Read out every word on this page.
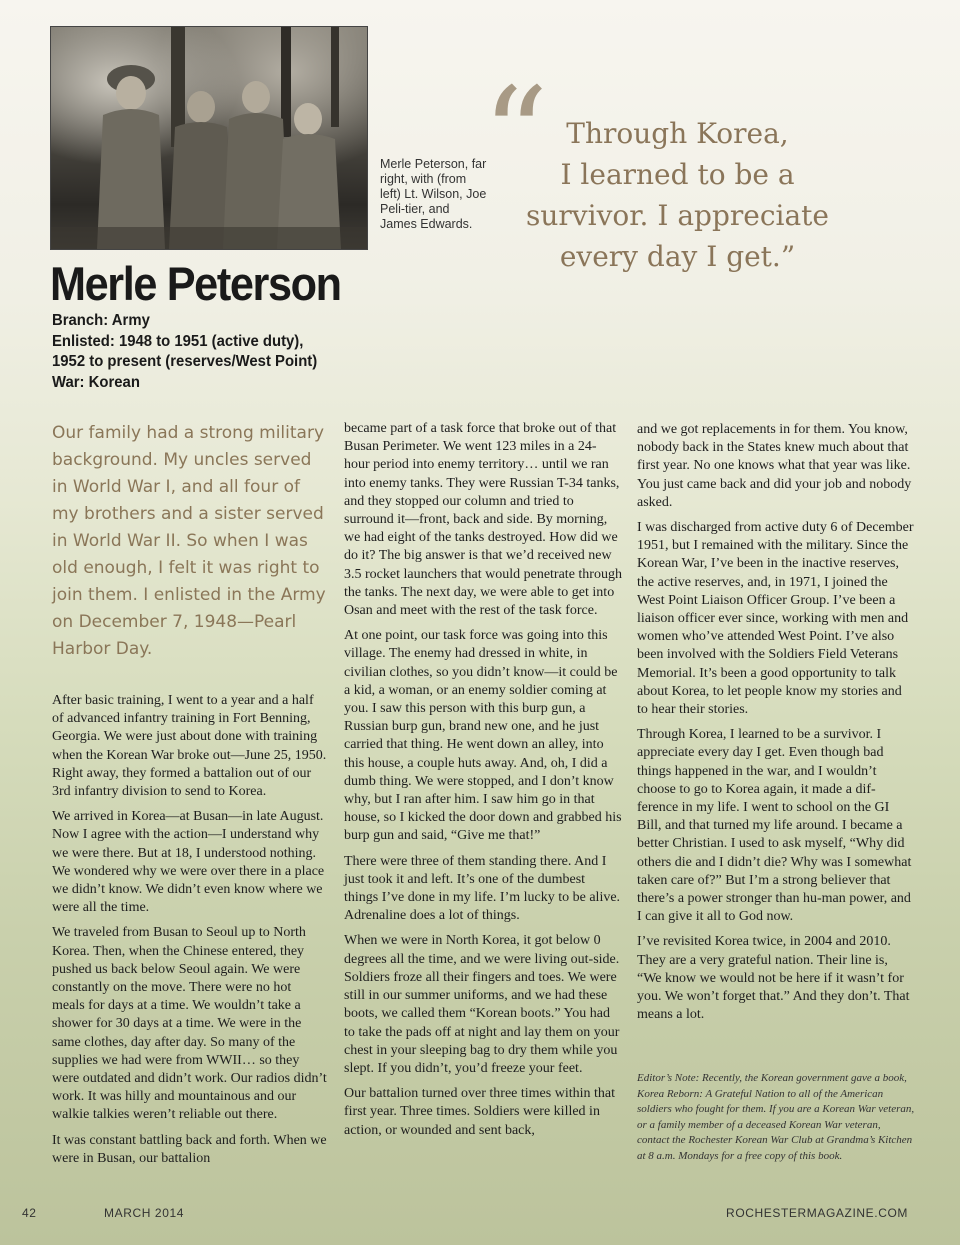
Merle Peterson, far right, with (from left) Lt. Wilson, Joe Peli-tier, and James Edwards.
“ Through Korea,
I learned to be a
survivor. I appreciate
every day I get.”
Merle Peterson
Branch: Army
Enlisted: 1948 to 1951 (active duty),
1952 to present (reserves/West Point)
War: Korean
Our family had a strong military background. My uncles served in World War I, and all four of my brothers and a sister served in World War II. So when I was old enough, I felt it was right to join them. I enlisted in the Army on December 7, 1948—Pearl Harbor Day.

After basic training, I went to a year and a half of advanced infantry training in Fort Benning, Georgia. We were just about done with training when the Korean War broke out—June 25, 1950. Right away, they formed a battalion out of our 3rd infantry division to send to Korea.

We arrived in Korea—at Busan—in late August. Now I agree with the action—I understand why we were there. But at 18, I understood nothing. We wondered why we were over there in a place we didn’t know. We didn’t even know where we were all the time.

We traveled from Busan to Seoul up to North Korea. Then, when the Chinese entered, they pushed us back below Seoul again. We were constantly on the move. There were no hot meals for days at a time. We wouldn’t take a shower for 30 days at a time. We were in the same clothes, day after day. So many of the supplies we had were from WWII… so they were outdated and didn’t work. Our radios didn’t work. It was hilly and mountainous and our walkie talkies weren’t reliable out there.

It was constant battling back and forth. When we were in Busan, our battalion

became part of a task force that broke out of that Busan Perimeter. We went 123 miles in a 24-hour period into enemy territory… until we ran into enemy tanks. They were Russian T-34 tanks, and they stopped our column and tried to surround it—front, back and side. By morning, we had eight of the tanks destroyed. How did we do it? The big answer is that we’d received new 3.5 rocket launchers that would penetrate through the tanks. The next day, we were able to get into Osan and meet with the rest of the task force.

At one point, our task force was going into this village. The enemy had dressed in white, in civilian clothes, so you didn’t know—it could be a kid, a woman, or an enemy soldier coming at you. I saw this person with this burp gun, a Russian burp gun, brand new one, and he just carried that thing. He went down an alley, into this house, a couple huts away. And, oh, I did a dumb thing. We were stopped, and I don’t know why, but I ran after him. I saw him go in that house, so I kicked the door down and grabbed his burp gun and said, “Give me that!”

There were three of them standing there. And I just took it and left. It’s one of the dumbest things I’ve done in my life. I’m lucky to be alive. Adrenaline does a lot of things.

When we were in North Korea, it got below 0 degrees all the time, and we were living out-side. Soldiers froze all their fingers and toes. We were still in our summer uniforms, and we had these boots, we called them “Korean boots.” You had to take the pads off at night and lay them on your chest in your sleeping bag to dry them while you slept. If you didn’t, you’d freeze your feet.

Our battalion turned over three times within that first year. Three times. Soldiers were killed in action, or wounded and sent back,

and we got replacements in for them. You know, nobody back in the States knew much about that first year. No one knows what that year was like. You just came back and did your job and nobody asked.

I was discharged from active duty 6 of December 1951, but I remained with the military. Since the Korean War, I’ve been in the inactive reserves, the active reserves, and, in 1971, I joined the West Point Liaison Officer Group. I’ve been a liaison officer ever since, working with men and women who’ve attended West Point. I’ve also been involved with the Soldiers Field Veterans Memorial. It’s been a good opportunity to talk about Korea, to let people know my stories and to hear their stories.

Through Korea, I learned to be a survivor. I appreciate every day I get. Even though bad things happened in the war, and I wouldn’t choose to go to Korea again, it made a dif-ference in my life. I went to school on the GI Bill, and that turned my life around. I became a better Christian. I used to ask myself, “Why did others die and I didn’t die? Why was I somewhat taken care of?” But I’m a strong believer that there’s a power stronger than hu-man power, and I can give it all to God now.

I’ve revisited Korea twice, in 2004 and 2010. They are a very grateful nation. Their line is, “We know we would not be here if it wasn’t for you. We won’t forget that.” And they don’t. That means a lot.

Editor’s Note: Recently, the Korean government gave a book, Korea Reborn: A Grateful Nation to all of the American soldiers who fought for them. If you are a Korean War veteran, or a family member of a deceased Korean War veteran, contact the Rochester Korean War Club at Grandma’s Kitchen at 8 a.m. Mondays for a free copy of this book.
42	MARCH 2014	ROCHESTERMAGAZINE.COM
